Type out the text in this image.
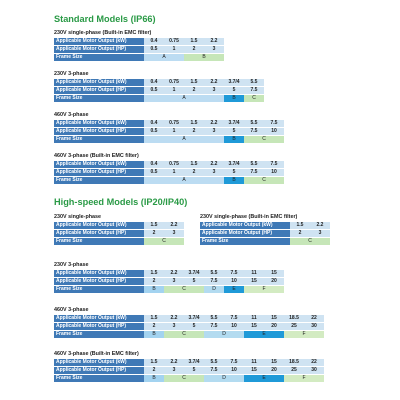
Standard Models (IP66)
230V single-phase (Built-in EMC filter)
Applicable Motor Output (kW)	0.4	0.75	1.5	2.2
Applicable Motor Output (HP)	0.5	1	2	3
Frame Size	A		B	
230V 3-phase
Applicable Motor Output (kW)	0.4	0.75	1.5	2.2	3.7/4	5.5
Applicable Motor Output (HP)	0.5	1	2	3	5	7.5
Frame Size	A				B	C
460V 3-phase
Applicable Motor Output (kW)	0.4	0.75	1.5	2.2	3.7/4	5.5	7.5
Applicable Motor Output (HP)	0.5	1	2	3	5	7.5	10
Frame Size	A				B	C	
460V 3-phase (Built-in EMC filter)
Applicable Motor Output (kW)	0.4	0.75	1.5	2.2	3.7/4	5.5	7.5
Applicable Motor Output (HP)	0.5	1	2	3	5	7.5	10
Frame Size	A				B	C	
High-speed Models (IP20/IP40)
230V single-phase
Applicable Motor Output (kW)	1.5	2.2
Applicable Motor Output (HP)	2	3
Frame Size	C	
230V single-phase (Built-in EMC filter)
Applicable Motor Output (kW)	1.5	2.2
Applicable Motor Output (HP)	2	3
Frame Size	C	
230V 3-phase
Applicable Motor Output (kW)	1.5	2.2	3.7/4	5.5	7.5	11	15
Applicable Motor Output (HP)	2	3	5	7.5	10	15	20
Frame Size	B	C		D	E	F	
460V 3-phase
Applicable Motor Output (kW)	1.5	2.2	3.7/4	5.5	7.5	11	15	18.5	22
Applicable Motor Output (HP)	2	3	5	7.5	10	15	20	25	30
Frame Size	B	C		D		E		F	
460V 3-phase (Built-in EMC filter)
Applicable Motor Output (kW)	1.5	2.2	3.7/4	5.5	7.5	11	15	18.5	22
Applicable Motor Output (HP)	2	3	5	7.5	10	15	20	25	30
Frame Size	B	C		D		E		F	
